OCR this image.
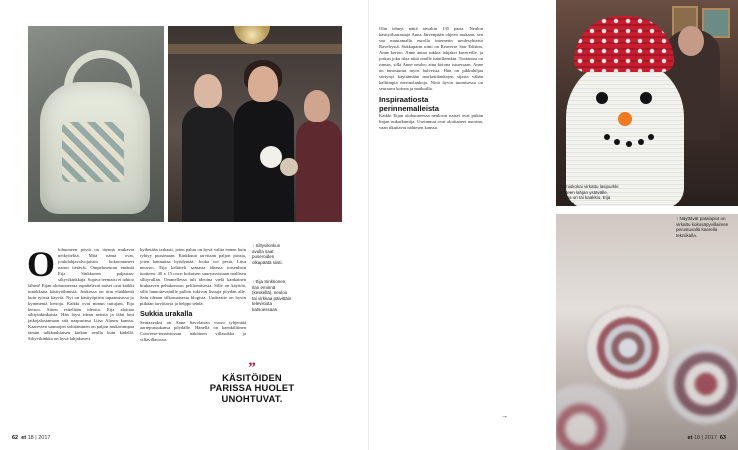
O lohuoneen pöytä on täynnä mukavia neikyitelitä. Mitä nämä ovat, joululahjavalvojaisiin kokoontuneet naiset tietävät. Ompeluseuran emäntä Eija Sinkkonen paljastaa: siltyvikinkkaja. Sopiva teemaisi ei tahtoo lähteä! Eijan olohuoneessa rupattelevat naiset ovat kaikki innokkaita käsityöihmisiä. Joukossa on niin elääkkeitä kuin työssä käyviä. Nyt on käsityöpiirin tapaamisissa jo kymmeniä kertoja. Kaikki ovat minun tuttujani, Eija kertoo. Sitten esitellään ideoita. Eija aloittaa siltiyinkinkaista. Hän löysi idean netistä ja lähti heti jatkojalostamaan sitä naapurinsa Liisa Alasen kanssa. Kaarevien saumojen solttiäminen on paljon mukavampaa tämän tulkkauhiaisen kinkun avulla kuin kädellä. Siltyvikinkka on hyvä lahjakaveri.
kytketään tarkasti, joten paluu on hyvä valita ennen kuin ryhtyy pussimaan. Kinkkuun tarvitaan paljon pussia, joten kannattaa hyödyntää. Jouka voi pestä, Liisa neuvoo. Eija kehitteli samasta ideasta toisenlisin tuotteen: 40 x 15 cm:n kokoisen suuryasvistaan mallisen siltiyrullan. Ommellessa tuli ideoina vielä kankainen hiukaaven pehukonoon peliliomisesta. Sille on käyttöä, sillä lannoitevataille pullon tukivon lisuuja pöydän alle. Sain ideaan silkomaisesta blogista. Uudeastte on hyvin pitkään tarvittavia ja helppo tehdä.
Sukkia urakalla
Seuraavaksi on Anne Savolaisen vuoro tyhjentää aarrepussukansa pöydälle. Hänellä on kaenkilliinen Converse-tennistossan näköinen villasukka ja villavillatossu.
↑ Siltyvikinkun avulla saat puseroiden olkapäätä siisti.
↑ Eija Sinkkonen, Ilan eminnä (keskellä), neuloo tai virkkaa päivittäin televisiota katsoessaan.
”
KÄSITÖIDEN PARISSA HUOLET UNOHTUVAT.
62 et 18 | 2017
Olin tehnyt näitä aiwakin 135 paria. Neulon käsityöharrastaja Anna Järvenpään ohjeen mukaan, sen saa muutamalla eurolla internetin neulesyhteisö Ravelrystä. Sukkaparin nimi on Reaverse Star Edition, Anne kertoo. Anne antaa sukkia lahjaksi kavereille, ja joskus joku tilaa niitä omille tutuilleenkin. Tuotantoa on runsas, sillä Anne neuloo aina kotona istuessaan. Anne on innostunut myös hulveista. Hän on pikkuhiljaa siirtynyt käyttämään markettilankojen sijasta vähän kalliimpia merinolankoja. Niitä hyvin tuomisessa on seuraava kotona ja matkoilla.
Inspiraatiosta perinnemalleista
Kaikki Eijan olohuoneessa neulovat naiset ovat pitkän linjan nukarkumija. Useimmat ovat aloittaneet nuorina, vaan tikuttavat nähtesen kanssa.
Lumiukokai virkattu lasipurkki kätteen lahjan ystävälle. Pipaa on tai kaakkio, Eija virkkaa.
↑ Näyttävät patalapiut on virkattu kokosäpyvillaimen perustuvalla kaarella tekniikalla.
→
et 18 | 2017 63
